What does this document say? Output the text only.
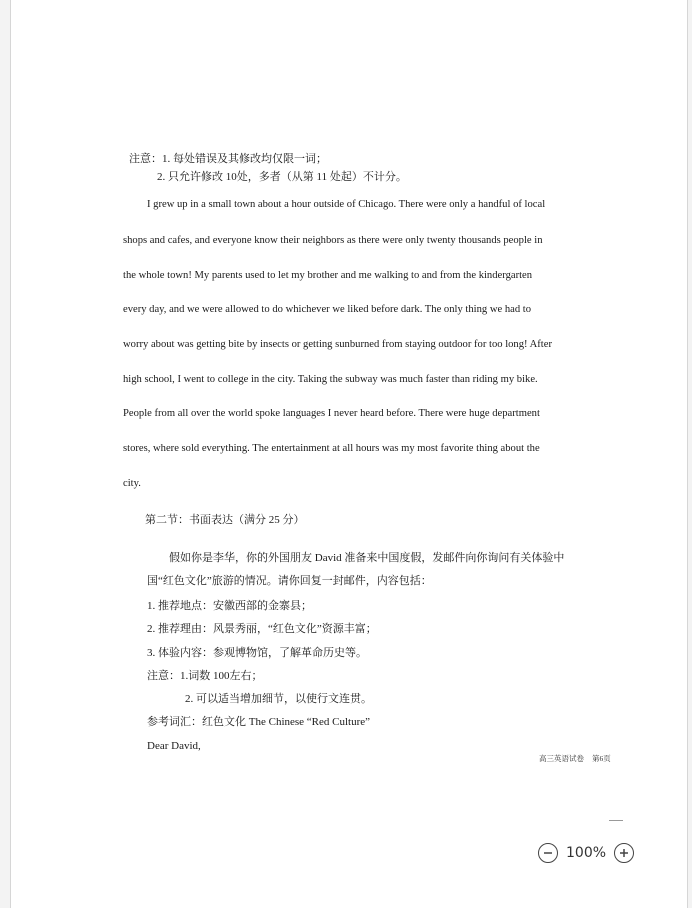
注意：1. 每处错误及其修改均仅限一词；
2. 只允许修改 10处，多者（从第 11 处起）不计分。
I grew up in a small town about a hour outside of Chicago. There were only a handful of local
shops and cafes, and everyone know their neighbors as there were only twenty thousands people in
the whole town! My parents used to let my brother and me walking to and from the kindergarten
every day, and we were allowed to do whichever we liked before dark. The only thing we had to
worry about was getting bite by insects or getting sunburned from staying outdoor for too long! After
high school, I went to college in the city. Taking the subway was much faster than riding my bike.
People from all over the world spoke languages I never heard before. There were huge department
stores, where sold everything. The entertainment at all hours was my most favorite thing about the
city.
第二节：书面表达（满分 25 分）
假如你是李华，你的外国朋友 David 准备来中国度假，发邮件向你询问有关体验中
国“红色文化”旅游的情况。请你回复一封邮件，内容包括：
1. 推荐地点：安徽西部的金寨县；
2. 推荐理由：风景秀丽，“红色文化”资源丰富；
3. 体验内容：参观博物馆，了解革命历史等。
注意：1.词数 100左右；
2. 可以适当增加细节，以使行文连贯。
参考词汇：红色文化 The Chinese “Red Culture”
Dear David,
高三英语试卷 第6页
100%
